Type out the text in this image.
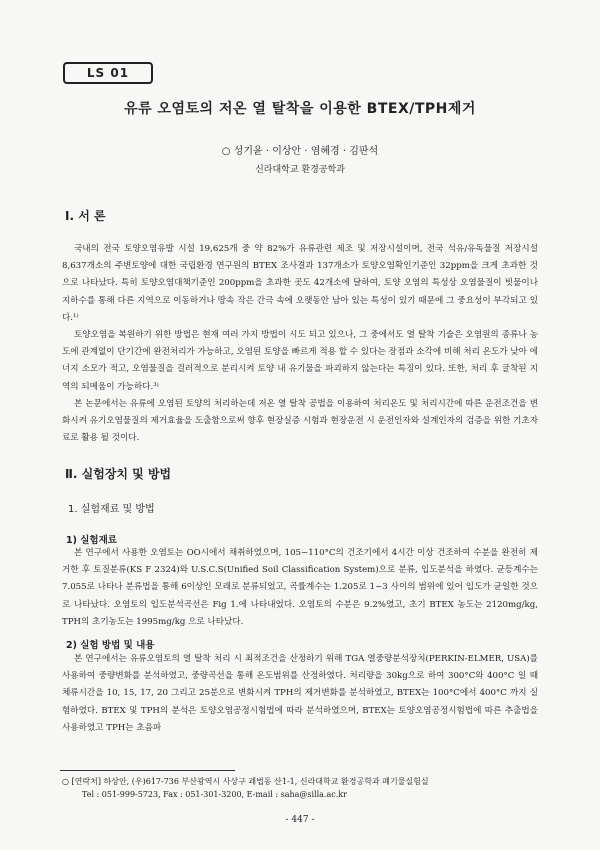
LS 01
유류 오염토의 저온 열 탈착을 이용한 BTEX/TPH제거
○ 성기윤 · 이상안 · 염혜경 · 김판석
신라대학교 환경공학과
Ⅰ. 서 론

국내의 전국 토양오염유발 시설 19,625개 중 약 82%가 유류관련 제조 및 저장시설이며, 전국 석유/유독물질 저장시설 8,637개소의 주변토양에 대한 국립환경 연구원의 BTEX 조사결과 137개소가 토양오염확인기준인 32ppm을 크게 초과한 것으로 나타났다. 특히 토양오염대책기준인 200ppm을 초과한 곳도 42개소에 달하여, 토양 오염의 특성상 오염물질이 빗물이나 지하수를 통해 다른 지역으로 이동하거나 땅속 작은 간극 속에 오랫동안 남아 있는 특성이 있기 때문에 그 중요성이 부각되고 있다.¹⁾

토양오염을 복원하기 위한 방법은 현재 여러 가지 방법이 시도 되고 있으나, 그 중에서도 열 탈착 기술은 오염원의 종류나 농도에 관계없이 단기간에 완전처리가 가능하고, 오염된 토양을 빠르게 적용 할 수 있다는 장점과 소각에 비해 처리 온도가 낮아 에너지 소모가 적고, 오염물질을 걸러적으로 분리시켜 토양 내 유기물을 파괴하지 않는다는 특징이 있다. 또한, 처리 후 굴착된 지역의 되메움이 가능하다.³⁾

본 논문에서는 유류에 오염된 토양의 처리하는데 저온 열 탈착 공법을 이용하여 처리온도 및 처리시간에 따른 운전조건을 변화시켜 유기오염물질의 제거효율을 도출함으로써 향후 현장실증 시험과 현장운전 시 운전인자와 설계인자의 검증을 위한 기초자료로 활용 될 것이다.

Ⅱ. 실험장치 및 방법
1. 실험재료 및 방법
1) 실험재료

본 연구에서 사용한 오염토는 OO시에서 채취하였으며, 105~110°C의 건조기에서 4시간 이상 건조하여 수분을 완전히 제거한 후 토질분류(KS F 2324)와 U.S.C.S(Unified Soil Classification System)으로 분류, 입도분석을 하였다. 균등계수는 7.055로 나타나 분류법을 통해 6이상인 모래로 분류되었고, 곡률계수는 1.205로 1~3 사이의 범위에 있어 입도가 균일한 것으로 나타났다. 오염토의 입도분석곡선은 Fig 1.에 나타내었다. 오염토의 수분은 9.2%였고, 초기 BTEX 농도는 2120mg/kg, TPH의 초기농도는 1995mg/kg 으로 나타났다.

2) 실험 방법 및 내용

본 연구에서는 유류오염토의 열 탈착 처리 시 최적조건을 산정하기 위해 TGA 열중량분석장치(PERKIN-ELMER, USA)를 사용하여 중량변화를 분석하였고, 중량곡선을 통해 온도범위를 산정하였다. 처리량을 30kg으로 하여 300°C와 400°C 일 때 체류시간을 10, 15, 17, 20 그리고 25분으로 변화시켜 TPH의 제거변화를 분석하였고, BTEX는 100°C에서 400°C 까지 실험하였다. BTEX 및 TPH의 분석은 토양오염공정시험법에 따라 분석하였으며, BTEX는 토양오염공정시험법에 따른 추출법을 사용하였고 TPH는 초음파

○ [연락처] 하상안, (우)617-736 부산광역시 사상구 괘법동 산1-1, 신라대학교 환경공학과 폐기물실험실
Tel : 051-999-5723, Fax : 051-301-3200, E-mail : saha@silla.ac.kr
- 447 -
